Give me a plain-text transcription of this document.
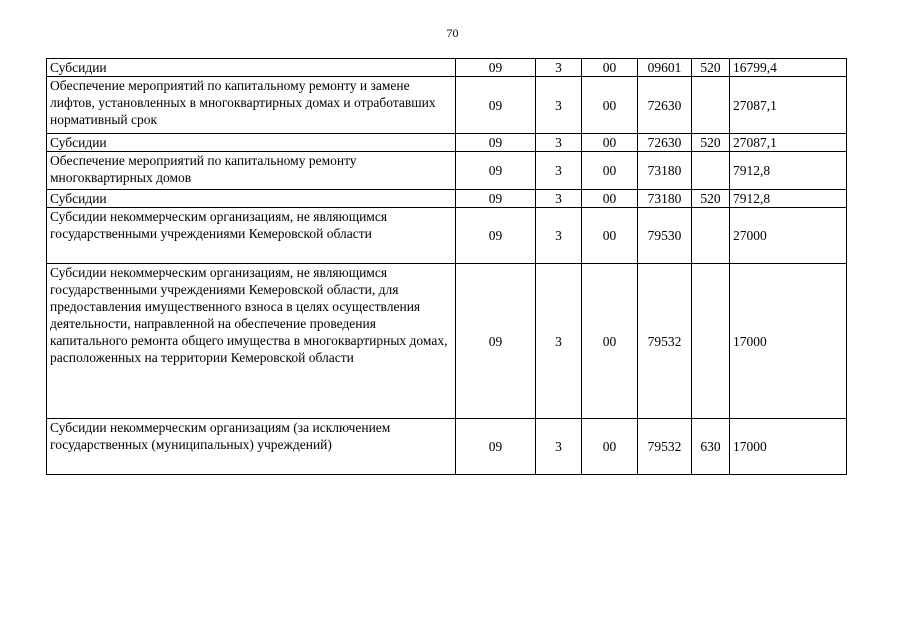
70
Субсидии	09	3	00	09601	520	16799,4
Обеспечение мероприятий по капитальному ремонту и замене лифтов, установленных в многоквартирных домах и отработавших нормативный срок	09	3	00	72630		27087,1
Субсидии	09	3	00	72630	520	27087,1
Обеспечение мероприятий по капитальному ремонту многоквартирных домов	09	3	00	73180		7912,8
Субсидии	09	3	00	73180	520	7912,8
Субсидии некоммерческим организациям, не являющимся государственными учреждениями Кемеровской области	09	3	00	79530		27000
Субсидии некоммерческим организациям, не являющимся государственными учреждениями Кемеровской области, для предоставления имущественного взноса в целях осуществления деятельности, направленной на обеспечение проведения капитального ремонта общего имущества в многоквартирных домах, расположенных на территории Кемеровской области	09	3	00	79532		17000
Субсидии некоммерческим организациям (за исключением государственных (муниципальных) учреждений)	09	3	00	79532	630	17000
